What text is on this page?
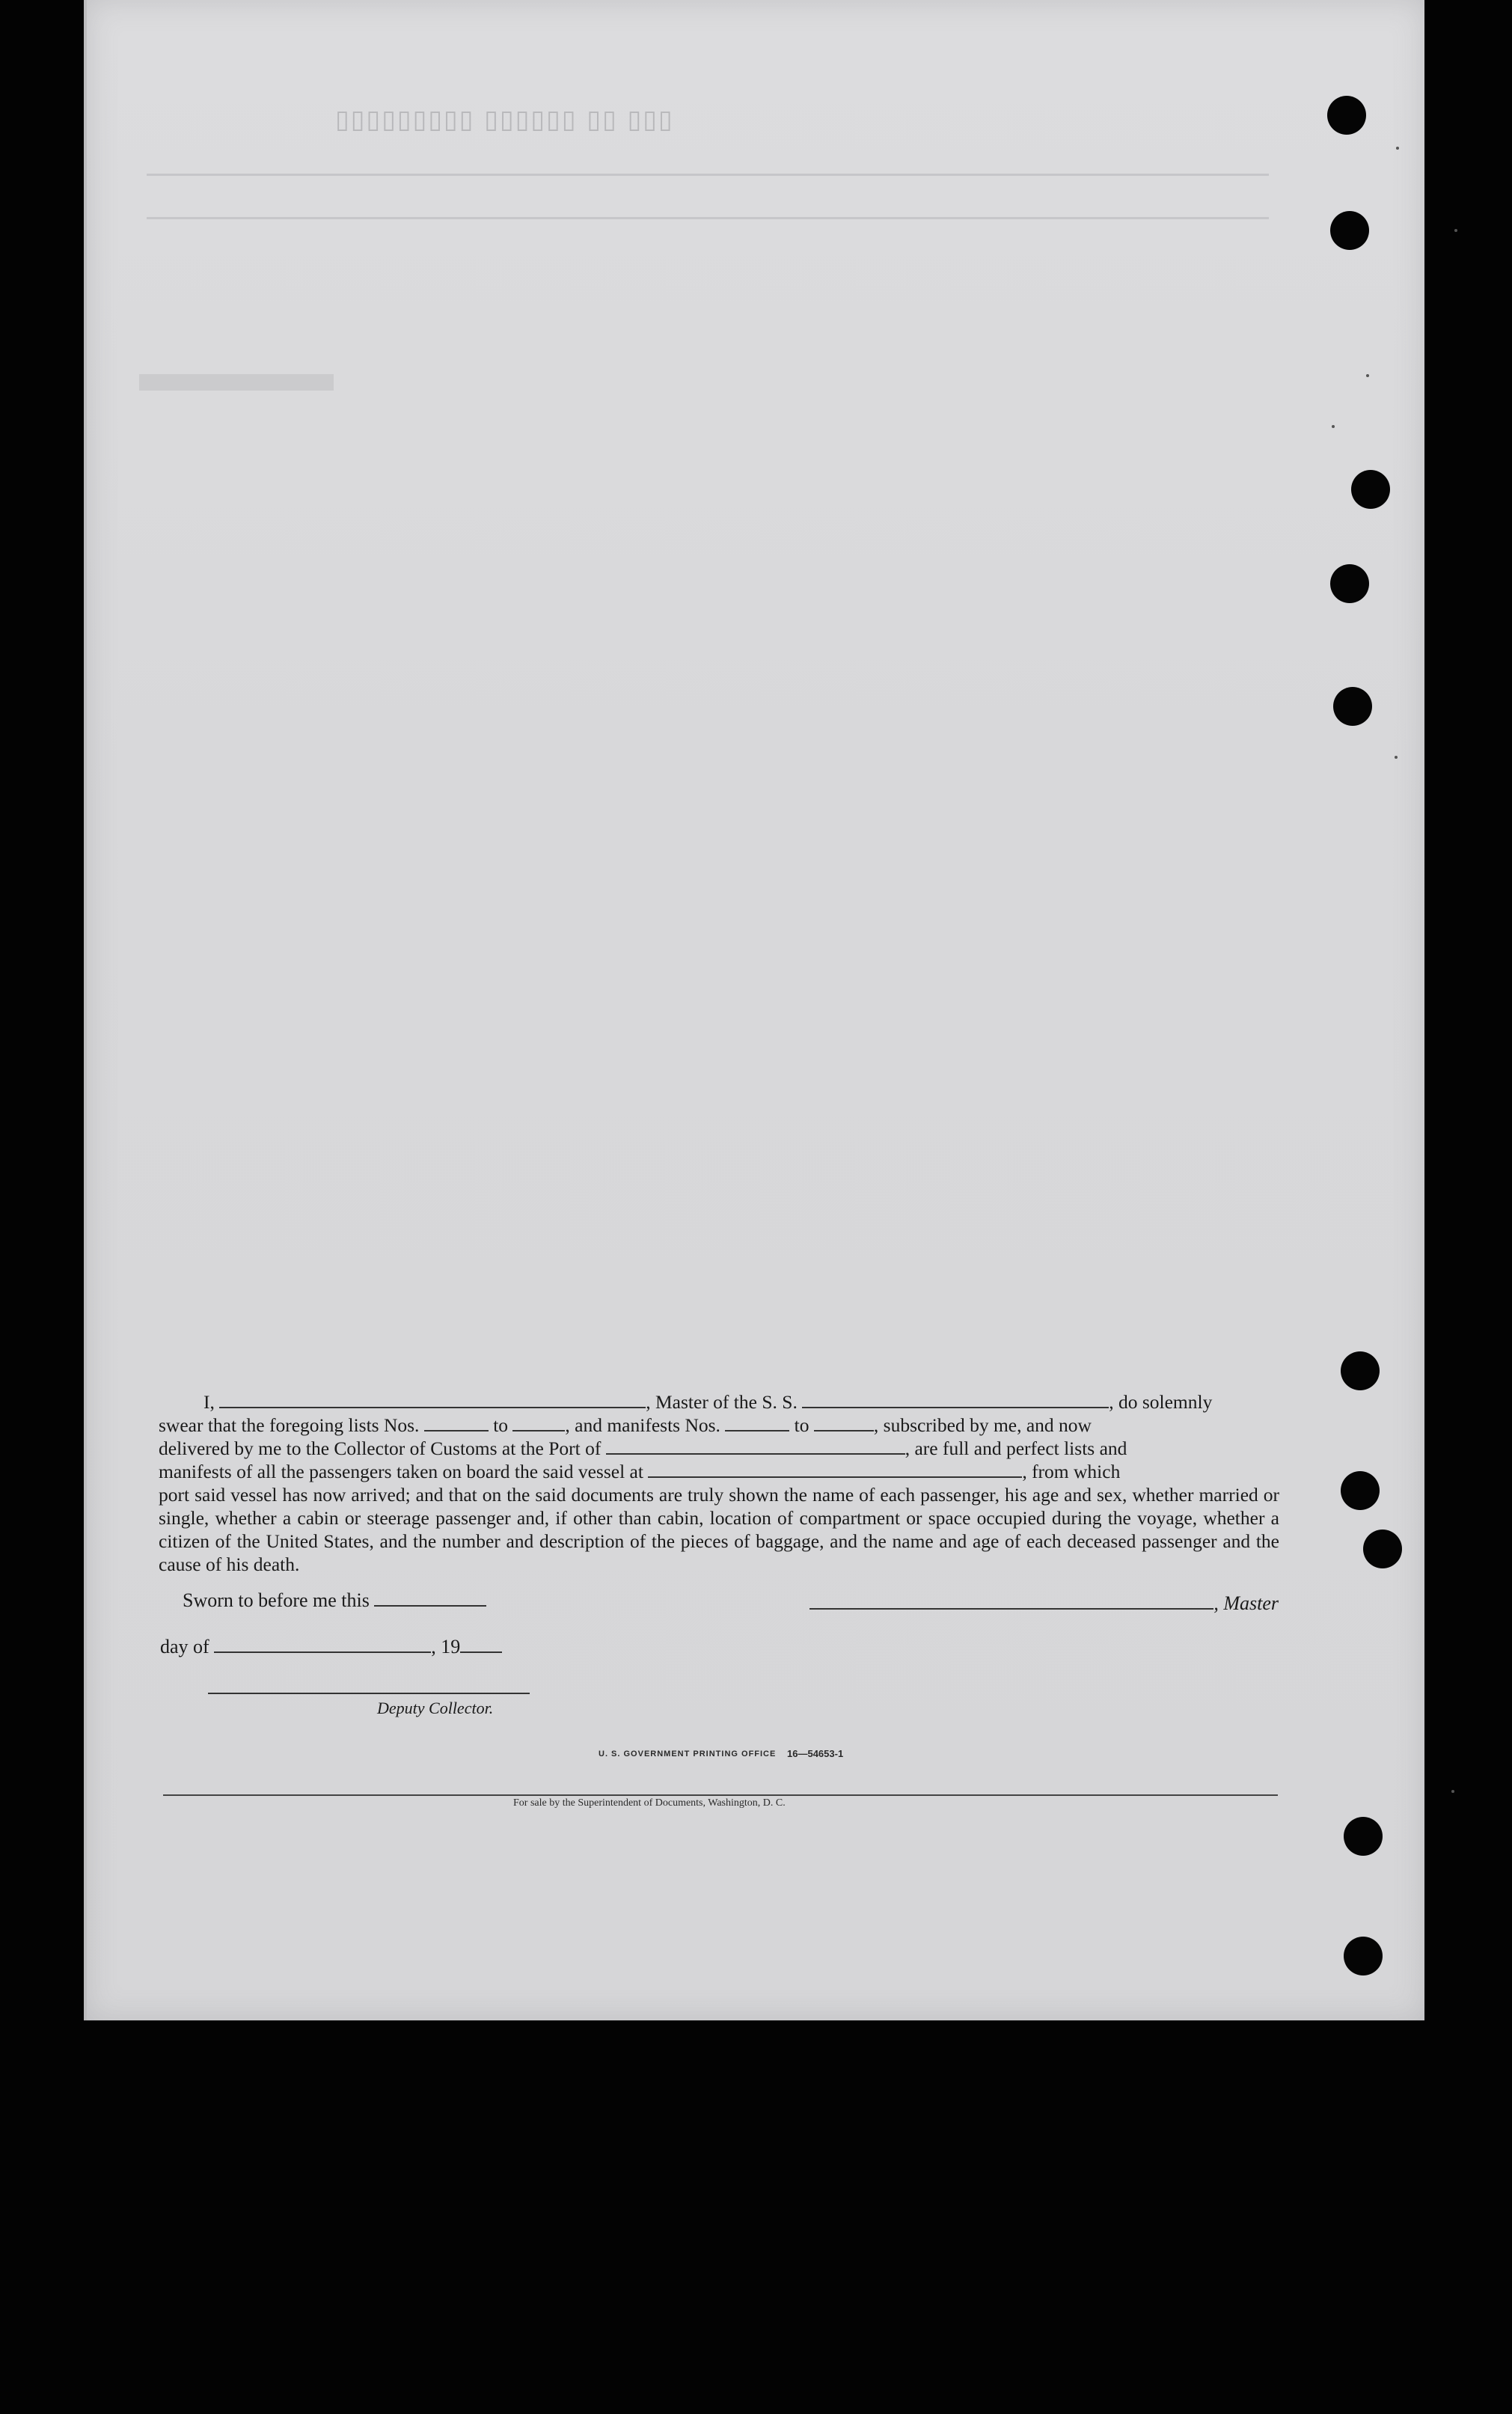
▯▯▯ ▯▯ ▯▯▯▯▯▯ ▯▯▯▯▯▯▯▯▯

I,	, Master of the S. S.	, do solemnly

swear that the foregoing lists Nos.	to	, and manifests Nos.	to	, subscribed by me, and now

delivered by me to the Collector of Customs at the Port of	, are full and perfect lists and

manifests of all the passengers taken on board the said vessel at	, from which

port said vessel has now arrived; and that on the said documents are truly shown the name of each passenger, his age and sex, whether married or single, whether a cabin or steerage passenger and, if other than cabin, location of compartment or space occupied during the voyage, whether a citizen of the United States, and the number and description of the pieces of baggage, and the name and age of each deceased passenger and the cause of his death.

Sworn to before me this	, Master
day of	, 19
Deputy Collector.
U. S. GOVERNMENT PRINTING OFFICE 16—54653-1
For sale by the Superintendent of Documents, Washington, D. C.
